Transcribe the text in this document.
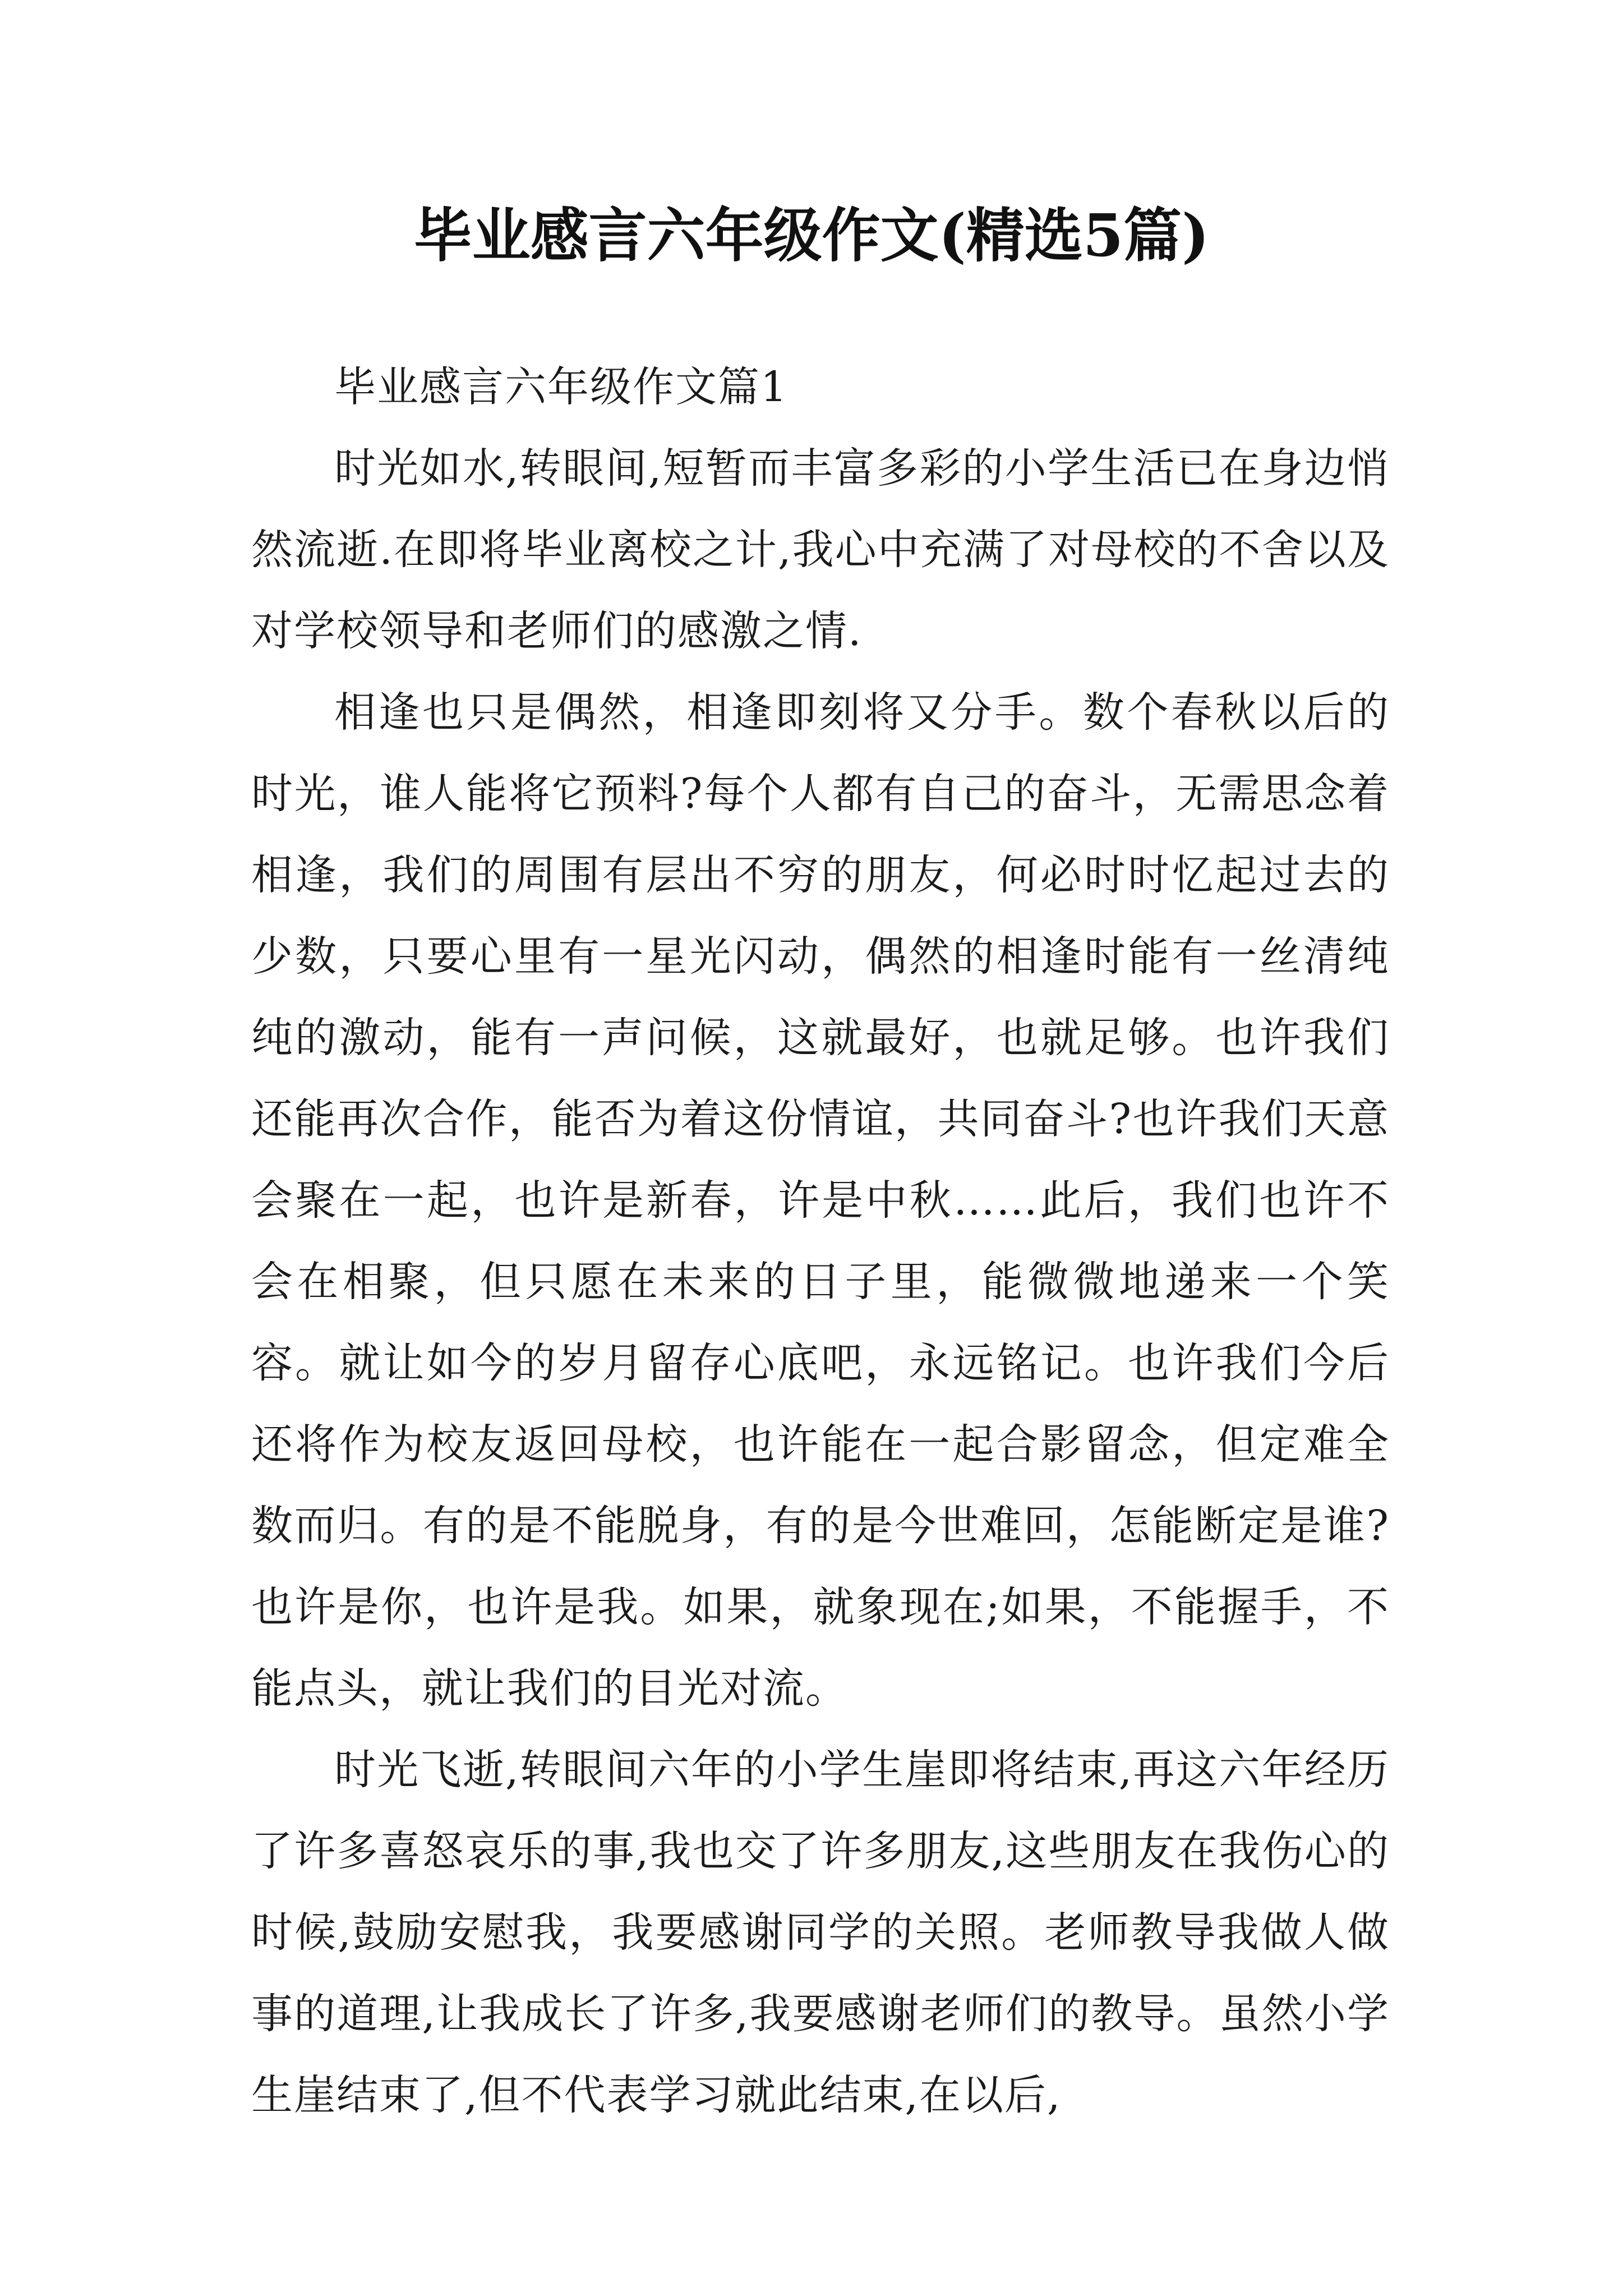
毕业感言六年级作文(精选5篇)

毕业感言六年级作文篇1

时光如水,转眼间,短暂而丰富多彩的小学生活已在身边悄然流逝.在即将毕业离校之计,我心中充满了对母校的不舍以及对学校领导和老师们的感激之情.

相逢也只是偶然，相逢即刻将又分手。数个春秋以后的时光，谁人能将它预料?每个人都有自己的奋斗，无需思念着相逢，我们的周围有层出不穷的朋友，何必时时忆起过去的少数，只要心里有一星光闪动，偶然的相逢时能有一丝清纯纯的激动，能有一声问候，这就最好，也就足够。也许我们还能再次合作，能否为着这份情谊，共同奋斗?也许我们天意会聚在一起，也许是新春，许是中秋……此后，我们也许不会在相聚，但只愿在未来的日子里，能微微地递来一个笑容。就让如今的岁月留存心底吧，永远铭记。也许我们今后还将作为校友返回母校，也许能在一起合影留念，但定难全数而归。有的是不能脱身，有的是今世难回，怎能断定是谁?也许是你，也许是我。如果，就象现在;如果，不能握手，不能点头，就让我们的目光对流。

时光飞逝,转眼间六年的小学生崖即将结束,再这六年经历了许多喜怒哀乐的事,我也交了许多朋友,这些朋友在我伤心的时候,鼓励安慰我，我要感谢同学的关照。老师教导我做人做事的道理,让我成长了许多,我要感谢老师们的教导。虽然小学生崖结束了,但不代表学习就此结束,在以后,
